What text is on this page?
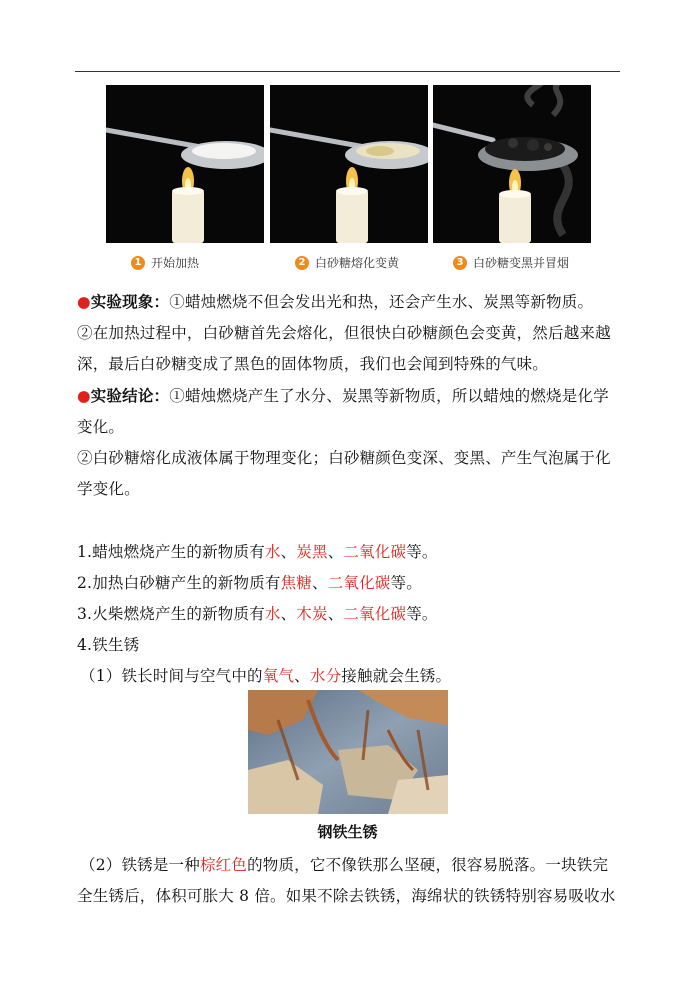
1 开始加热	2 白砂糖熔化变黄	3 白砂糖变黑并冒烟
●实验现象：①蜡烛燃烧不但会发出光和热，还会产生水、炭黑等新物质。
②在加热过程中，白砂糖首先会熔化，但很快白砂糖颜色会变黄，然后越来越
深，最后白砂糖变成了黑色的固体物质，我们也会闻到特殊的气味。
●实验结论：①蜡烛燃烧产生了水分、炭黑等新物质，所以蜡烛的燃烧是化学
变化。
②白砂糖熔化成液体属于物理变化；白砂糖颜色变深、变黑、产生气泡属于化
学变化。
1.蜡烛燃烧产生的新物质有水、炭黑、二氧化碳等。
2.加热白砂糖产生的新物质有焦糖、二氧化碳等。
3.火柴燃烧产生的新物质有水、木炭、二氧化碳等。
4.铁生锈
（1）铁长时间与空气中的氧气、水分接触就会生锈。
钢铁生锈
（2）铁锈是一种棕红色的物质，它不像铁那么坚硬，很容易脱落。一块铁完
全生锈后，体积可胀大 8 倍。如果不除去铁锈，海绵状的铁锈特别容易吸收水
